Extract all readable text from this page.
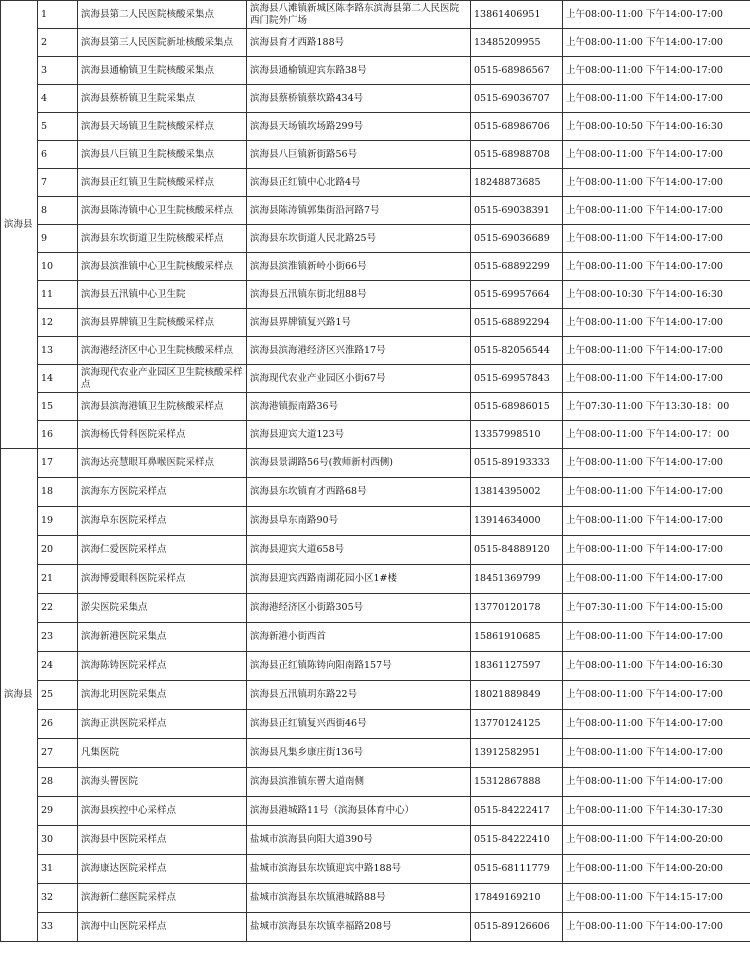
滨海县	1	滨海县第二人民医院核酸采集点	滨海县八滩镇新城区陈李路东滨海县第二人民医院西门院外广场	13861406951	上午08:00-11:00 下午14:00-17:00
	2	滨海县第三人民医院新址核酸采集点	滨海县育才西路188号	13485209955	上午08:00-11:00 下午14:00-17:00
	3	滨海县通榆镇卫生院核酸采集点	滨海县通榆镇迎宾东路38号	0515-68986567	上午08:00-11:00 下午14:00-17:00
	4	滨海县蔡桥镇卫生院采集点	滨海县蔡桥镇蔡坎路434号	0515-69036707	上午08:00-11:00 下午14:00-17:00
	5	滨海县天场镇卫生院核酸采样点	滨海县天场镇坎场路299号	0515-68986706	上午08:00-10:50 下午14:00-16:30
	6	滨海县八巨镇卫生院核酸采集点	滨海县八巨镇新街路56号	0515-68988708	上午08:00-11:00 下午14:00-17:00
	7	滨海县正红镇卫生院核酸采样点	滨海县正红镇中心北路4号	18248873685	上午08:00-11:00 下午14:00-17:00
	8	滨海县陈涛镇中心卫生院核酸采样点	滨海县陈涛镇郭集街沿河路7号	0515-69038391	上午08:00-11:00 下午14:00-17:00
	9	滨海县东坎街道卫生院核酸采样点	滨海县东坎街道人民北路25号	0515-69036689	上午08:00-11:00 下午14:00-17:00
	10	滨海县滨淮镇中心卫生院核酸采样点	滨海县滨淮镇新岭小街66号	0515-68892299	上午08:00-11:00 下午14:00-17:00
	11	滨海县五汛镇中心卫生院	滨海县五汛镇东街北纽88号	0515-69957664	上午08:00-10:30 下午14:00-16:30
	12	滨海县界牌镇卫生院核酸采样点	滨海县界牌镇复兴路1号	0515-68892294	上午08:00-11:00 下午14:00-17:00
	13	滨海港经济区中心卫生院核酸采样点	滨海县滨海港经济区兴淮路17号	0515-82056544	上午08:00-11:00 下午14:00-17:00
	14	滨海现代农业产业园区卫生院核酸采样点	滨海现代农业产业园区小街67号	0515-69957843	上午08:00-11:00 下午14:00-17:00
	15	滨海县滨海港镇卫生院核酸采样点	滨海港镇振南路36号	0515-68986015	上午07:30-11:00 下午13:30-18：00
	16	滨海杨氏骨科医院采样点	滨海县迎宾大道123号	13357998510	上午08:00-11:00 下午14:00-17：00
滨海县	17	滨海达亮慧眼耳鼻喉医院采样点	滨海县景湖路56号(教师新村西侧)	0515-89193333	上午08:00-11:00 下午14:00-17:00
	18	滨海东方医院采样点	滨海县东坎镇育才西路68号	13814395002	上午08:00-11:00 下午14:00-17:00
	19	滨海阜东医院采样点	滨海县阜东南路90号	13914634000	上午08:00-11:00 下午14:00-17:00
	20	滨海仁爱医院采样点	滨海县迎宾大道658号	0515-84889120	上午08:00-11:00 下午14:00-17:00
	21	滨海博爱眼科医院采样点	滨海县迎宾西路南湖花园小区1#楼	18451369799	上午08:00-11:00 下午14:00-17:00
	22	淤尖医院采集点	滨海港经济区小街路305号	13770120178	上午07:30-11:00 下午14:00-15:00
	23	滨海新港医院采集点	滨海新港小街西首	15861910685	上午08:00-11:00 下午14:00-17:00
	24	滨海陈铸医院采样点	滨海县正红镇陈铸向阳南路157号	18361127597	上午08:00-11:00 下午14:00-16:30
	25	滨海北玥医院采集点	滨海县五汛镇玥东路22号	18021889849	上午08:00-11:00 下午14:00-17:00
	26	滨海正洪医院采样点	滨海县正红镇复兴西街46号	13770124125	上午08:00-11:00 下午14:00-17:00
	27	凡集医院	滨海县凡集乡康庄街136号	13912582951	上午08:00-11:00 下午14:00-17:00
	28	滨海头罾医院	滨海县滨淮镇东罾大道南侧	15312867888	上午08:00-11:00 下午14:00-17:00
	29	滨海县疾控中心采样点	滨海县港城路11号（滨海县体育中心）	0515-84222417	上午08:00-11:00 下午14:30-17:30
	30	滨海县中医院采样点	盐城市滨海县向阳大道390号	0515-84222410	上午08:00-11:00 下午14:00-20:00
	31	滨海康达医院采样点	盐城市滨海县东坎镇迎宾中路188号	0515-68111779	上午08:00-11:00 下午14:00-20:00
	32	滨海新仁慈医院采样点	盐城市滨海县东坎镇港城路88号	17849169210	上午08:00-11:00 下午14:15-17:00
	33	滨海中山医院采样点	盐城市滨海县东坎镇幸福路208号	0515-89126606	上午08:00-11:00 下午14:00-17:00
